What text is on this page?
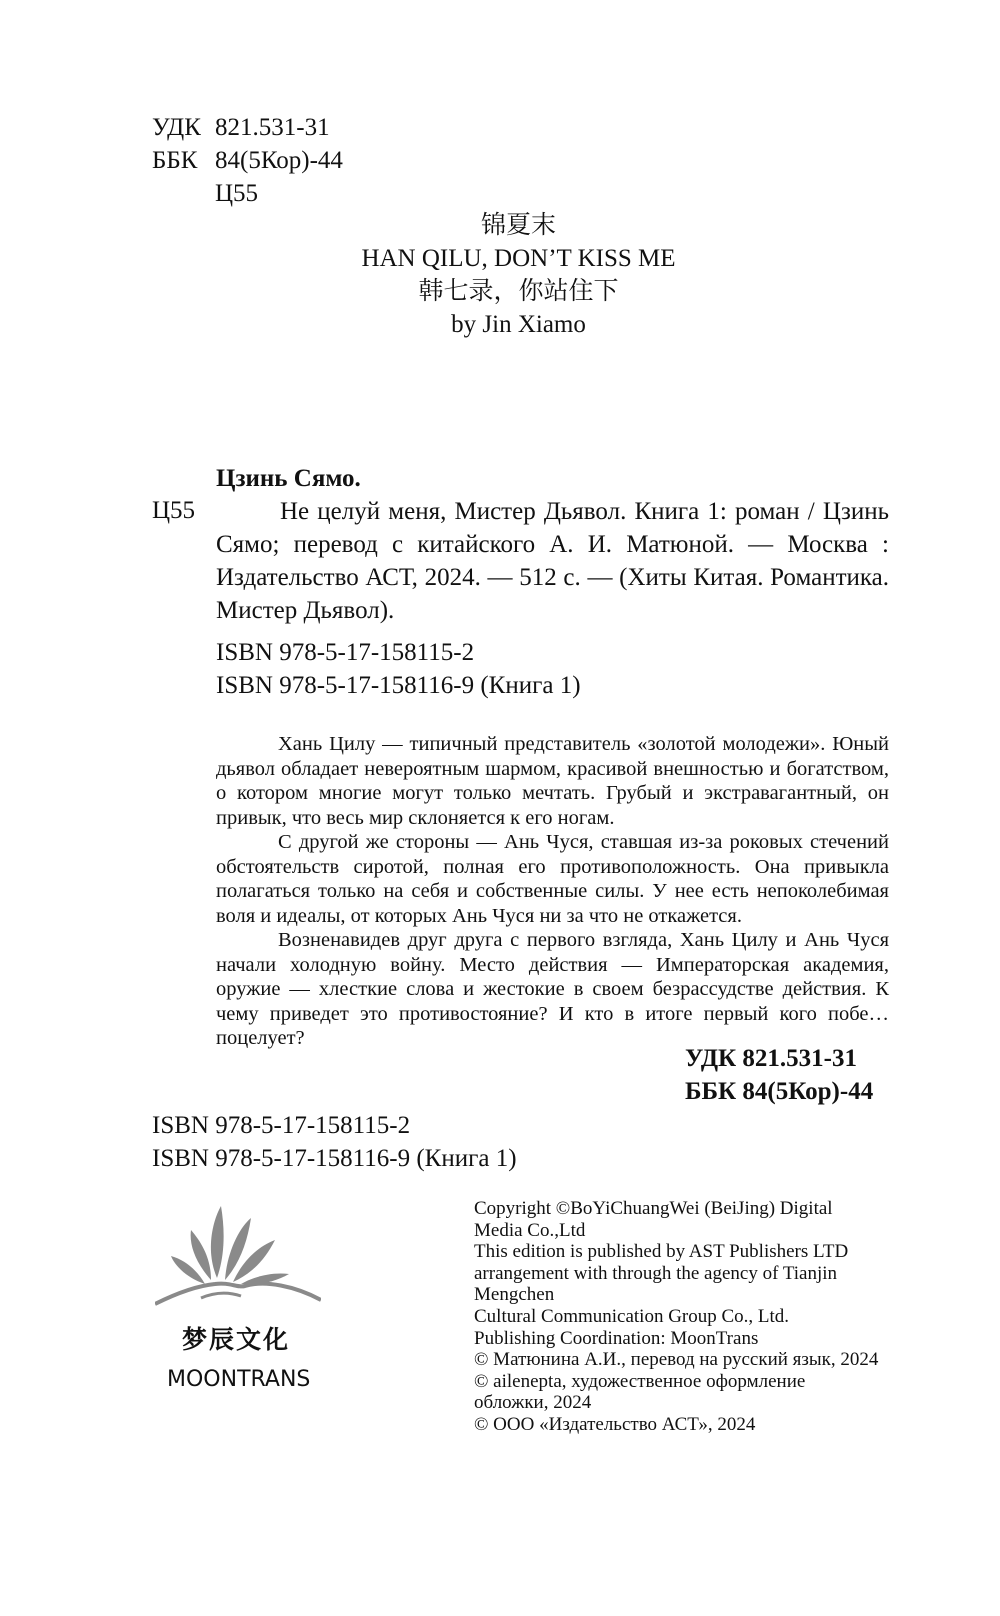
УДК 821.531-31
ББК 84(5Кор)-44
Ц55
锦夏末
HAN QILU, DON’T KISS ME
韩七录，你站住下
by Jin Xiamo
Цзинь Сямо.
Ц55	Не целуй меня, Мистер Дьявол. Книга 1: роман / Цзинь Сямо; перевод с китайского А. И. Матюной. — Москва : Издательство АСТ, 2024. — 512 с. — (Хиты Китая. Романтика. Мистер Дьявол).

ISBN 978-5-17-158115-2
ISBN 978-5-17-158116-9 (Книга 1)

Хань Цилу — типичный представитель «золотой молодежи». Юный дьявол обладает невероятным шармом, красивой внешностью и богатством, о котором многие могут только мечтать. Грубый и экстравагантный, он привык, что весь мир склоняется к его ногам.

С другой же стороны — Ань Чуся, ставшая из-за роковых стечений обстоятельств сиротой, полная его противоположность. Она привыкла полагаться только на себя и собственные силы. У нее есть непоколебимая воля и идеалы, от которых Ань Чуся ни за что не откажется.

Возненавидев друг друга с первого взгляда, Хань Цилу и Ань Чуся начали холодную войну. Место действия — Императорская академия, оружие — хлесткие слова и жестокие в своем безрассудстве действия. К чему приведет это противостояние? И кто в итоге первый кого побе… поцелует?

УДК 821.531-31
ББК 84(5Кор)-44
ISBN 978-5-17-158115-2
ISBN 978-5-17-158116-9 (Книга 1)
梦辰文化
MOONTRANS
Copyright ©BoYiChuangWei (BeiJing) Digital
Media Co.,Ltd
This edition is published by AST Publishers LTD
arrangement with through the agency of Tianjin
Mengchen
Cultural Communication Group Co., Ltd.
Publishing Coordination: MoonTrans
© Матюнина А.И., перевод на русский язык, 2024
© ailenepta, художественное оформление
обложки, 2024
© ООО «Издательство АСТ», 2024
